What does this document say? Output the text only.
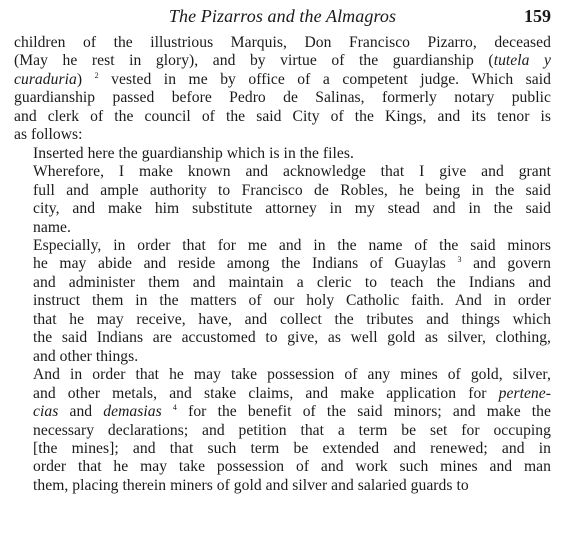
The Pizarros and the Almagros	159

children of the illustrious Marquis, Don Francisco Pizarro, deceased
(May he rest in glory), and by virtue of the guardianship (tutela y
curaduria) $^2$ vested in me by office of a competent judge. Which said
guardianship passed before Pedro de Salinas, formerly notary public
and clerk of the council of the said City of the Kings, and its tenor is
as follows:

Inserted here the guardianship which is in the files.

Wherefore, I make known and acknowledge that I give and grant
full and ample authority to Francisco de Robles, he being in the said
city, and make him substitute attorney in my stead and in the said
name.

Especially, in order that for me and in the name of the said minors
he may abide and reside among the Indians of Guaylas $^3$ and govern
and administer them and maintain a cleric to teach the Indians and
instruct them in the matters of our holy Catholic faith. And in order
that he may receive, have, and collect the tributes and things which
the said Indians are accustomed to give, as well gold as silver, clothing,
and other things.

And in order that he may take possession of any mines of gold, silver,
and other metals, and stake claims, and make application for pertene-
cias and demasias $^4$ for the benefit of the said minors; and make the
necessary declarations; and petition that a term be set for occuping
[the mines]; and that such term be extended and renewed; and in
order that he may take possession of and work such mines and man
them, placing therein miners of gold and silver and salaried guards to
